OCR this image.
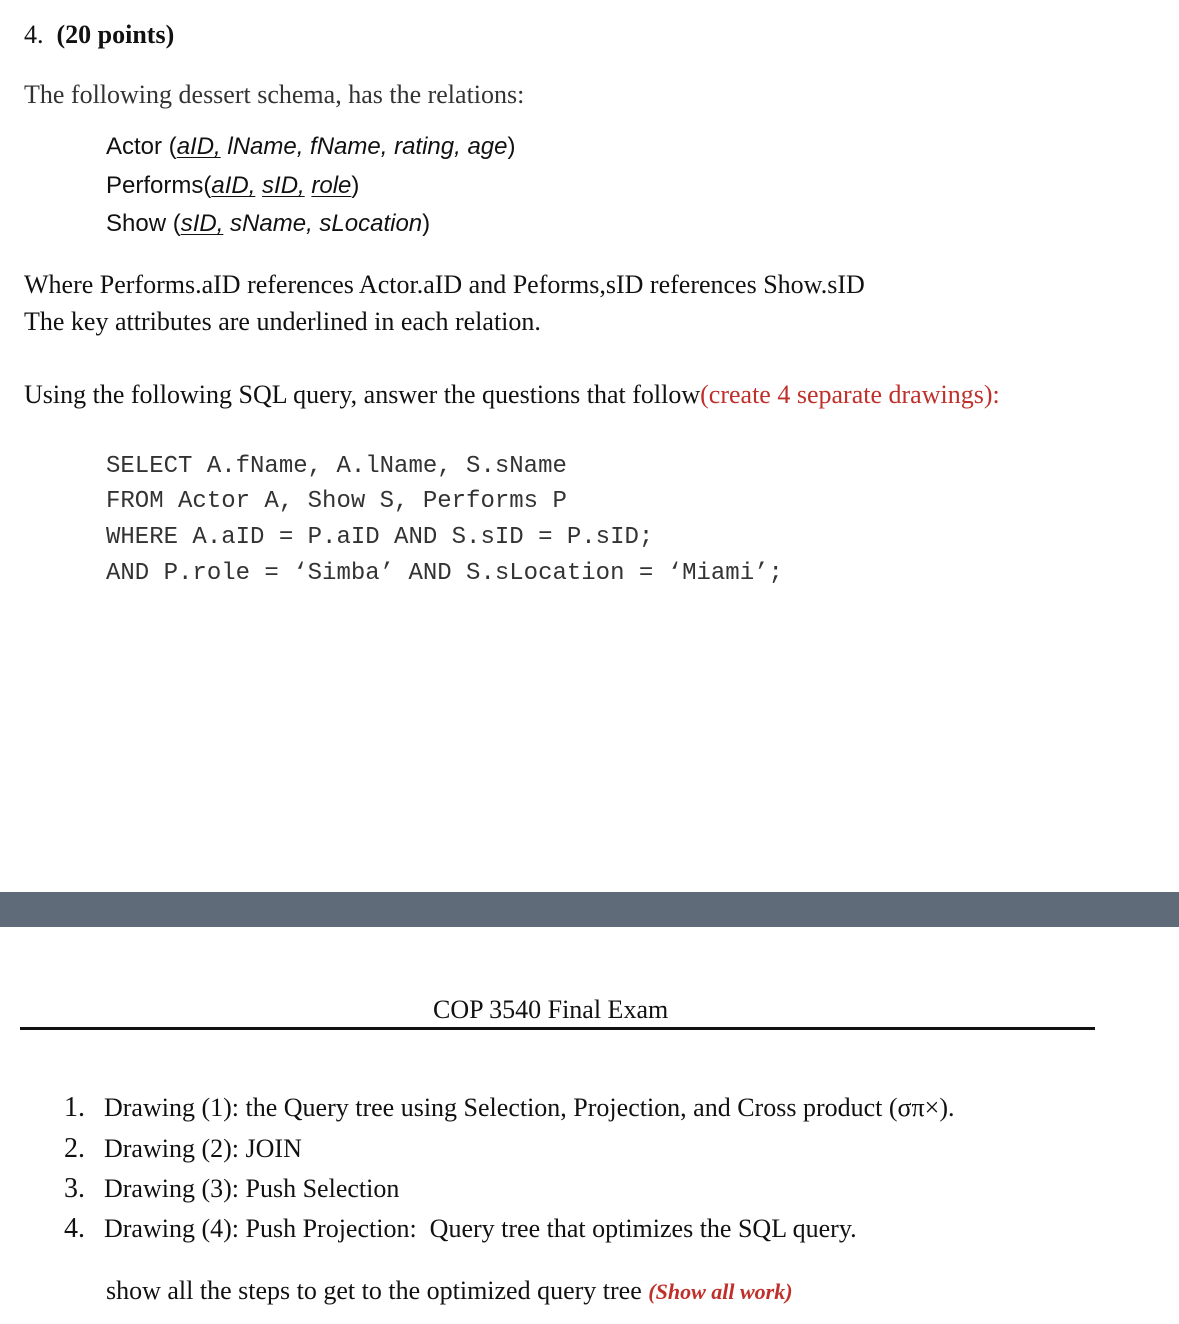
4. (20 points)
The following dessert schema, has the relations:
Actor (aID, lName, fName, rating, age)
Performs(aID, sID, role)
Show (sID, sName, sLocation)
Where Performs.aID references Actor.aID and Peforms,sID references Show.sID
The key attributes are underlined in each relation.
Using the following SQL query, answer the questions that follow(create 4 separate drawings):
SELECT A.fName, A.lName, S.sName
FROM Actor A, Show S, Performs P
WHERE A.aID = P.aID AND S.sID = P.sID;
AND P.role = ‘Simba’ AND S.sLocation = ‘Miami’;
COP 3540 Final Exam
1. Drawing (1): the Query tree using Selection, Projection, and Cross product (σπ×).
2. Drawing (2): JOIN
3. Drawing (3): Push Selection
4. Drawing (4): Push Projection:  Query tree that optimizes the SQL query.
show all the steps to get to the optimized query tree (Show all work)
